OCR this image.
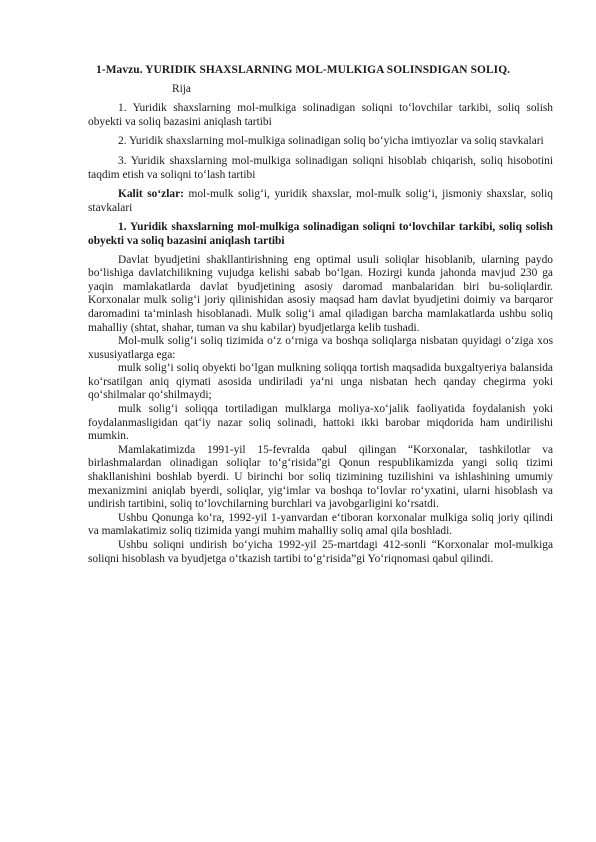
1-Mavzu. YURIDIK SHAXSLARNING MOL-MULKIGA SOLINSDIGAN SOLIQ.
Rija
1. Yuridik shaxslarning mol-mulkiga solinadigan soliqni to‘lovchilar tarkibi, soliq solish obyekti va soliq bazasini aniqlash tartibi
2. Yuridik shaxslarning mol-mulkiga solinadigan soliq bo‘yicha imtiyozlar va soliq stavkalari
3. Yuridik shaxslarning mol-mulkiga solinadigan soliqni hisoblab chiqarish, soliq hisobotini taqdim etish va soliqni to‘lash tartibi
Kalit so‘zlar: mol-mulk solig‘i, yuridik shaxslar, mol-mulk solig‘i, jismoniy shaxslar, soliq stavkalari
1. Yuridik shaxslarning mol-mulkiga solinadigan soliqni to‘lovchilar tarkibi, soliq solish obyekti va soliq bazasini aniqlash tartibi

Davlat byudjetini shakllantirishning eng optimal usuli soliqlar hisoblanib, ularning paydo bo‘lishiga davlatchilikning vujudga kelishi sabab bo‘lgan. Hozirgi kunda jahonda mavjud 230 ga yaqin mamlakatlarda davlat byudjetining asosiy daromad manbalaridan biri bu-soliqlardir. Korxonalar mulk solig‘i joriy qilinishidan asosiy maqsad ham davlat byudjetini doimiy va barqaror daromadini ta‘minlash hisoblanadi. Mulk solig‘i amal qiladigan barcha mamlakatlarda ushbu soliq mahalliy (shtat, shahar, tuman va shu kabilar) byudjetlarga kelib tushadi.

Mol-mulk solig‘i soliq tizimida o‘z o‘rniga va boshqa soliqlarga nisbatan quyidagi o‘ziga xos xususiyatlarga ega:

mulk solig‘i soliq obyekti bo‘lgan mulkning soliqqa tortish maqsadida buxgaltyeriya balansida ko‘rsatilgan aniq qiymati asosida undiriladi ya‘ni unga nisbatan hech qanday chegirma yoki qo‘shilmalar qo‘shilmaydi;

mulk solig‘i soliqqa tortiladigan mulklarga moliya-xo‘jalik faoliyatida foydalanish yoki foydalanmasligidan qat‘iy nazar soliq solinadi, hattoki ikki barobar miqdorida ham undirilishi mumkin.

Mamlakatimizda 1991-yil 15-fevralda qabul qilingan “Korxonalar, tashkilotlar va birlashmalardan olinadigan soliqlar to‘g‘risida”gi Qonun respublikamizda yangi soliq tizimi shakllanishini boshlab byerdi. U birinchi bor soliq tizimining tuzilishini va ishlashining umumiy mexanizmini aniqlab byerdi, soliqlar, yig‘imlar va boshqa to‘lovlar ro‘yxatini, ularni hisoblash va undirish tartibini, soliq to‘lovchilarning burchlari va javobgarligini ko‘rsatdi.

Ushbu Qonunga ko‘ra, 1992-yil 1-yanvardan e‘tiboran korxonalar mulkiga soliq joriy qilindi va mamlakatimiz soliq tizimida yangi muhim mahalliy soliq amal qila boshladi.

Ushbu soliqni undirish bo‘yicha 1992-yil 25-martdagi 412-sonli “Korxonalar mol-mulkiga soliqni hisoblash va byudjetga o‘tkazish tartibi to‘g‘risida”gi Yo‘riqnomasi qabul qilindi.
